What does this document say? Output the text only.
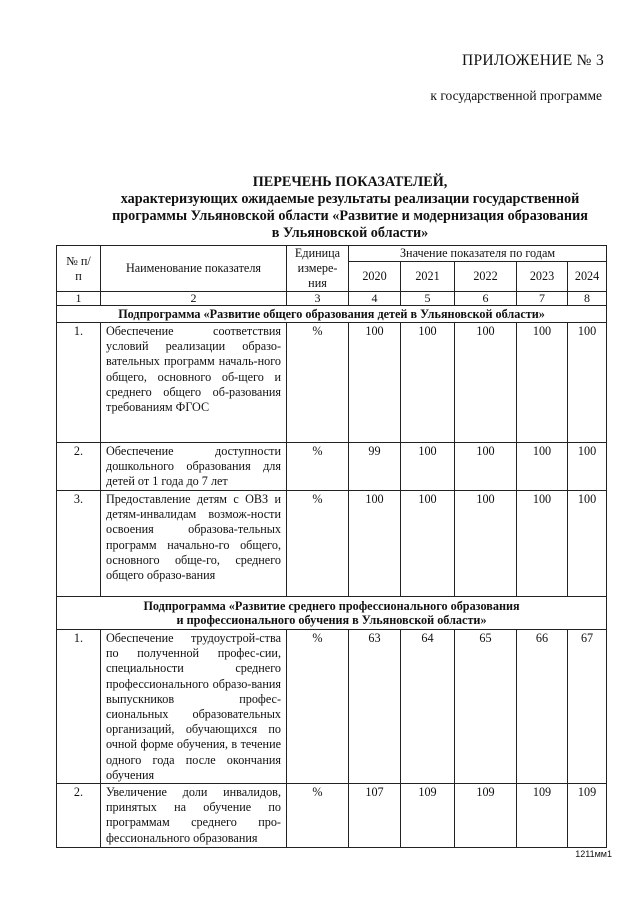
ПРИЛОЖЕНИЕ № 3
к государственной программе
ПЕРЕЧЕНЬ ПОКАЗАТЕЛЕЙ,
характеризующих ожидаемые результаты реализации государственной
программы Ульяновской области «Развитие и модернизация образования
в Ульяновской области»
№ п/п	Наименование показателя	Единица измере-ния	Значение показателя по годам				
			2020	2021	2022	2023	2024
1	2	3	4	5	6	7	8
Подпрограмма «Развитие общего образования детей в Ульяновской области»							
1.	Обеспечение соответствия условий реализации образо-вательных программ началь-ного общего, основного об-щего и среднего общего об-разования требованиям ФГОС	%	100	100	100	100	100
2.	Обеспечение доступности дошкольного образования для детей от 1 года до 7 лет	%	99	100	100	100	100
3.	Предоставление детям с ОВЗ и детям-инвалидам возмож-ности освоения образова-тельных программ начально-го общего, основного обще-го, среднего общего образо-вания	%	100	100	100	100	100

Подпрограмма «Развитие среднего профессионального образования
и профессионального обучения в Ульяновской области»							

1.	Обеспечение трудоустрой-ства по полученной профес-сии, специальности среднего профессионального образо-вания выпускников профес-сиональных образовательных организаций, обучающихся по очной форме обучения, в течение одного года после окончания обучения	%	63	64	65	66	67
2.	Увеличение доли инвалидов, принятых на обучение по программам среднего про-фессионального образования	%	107	109	109	109	109
1211мм1
